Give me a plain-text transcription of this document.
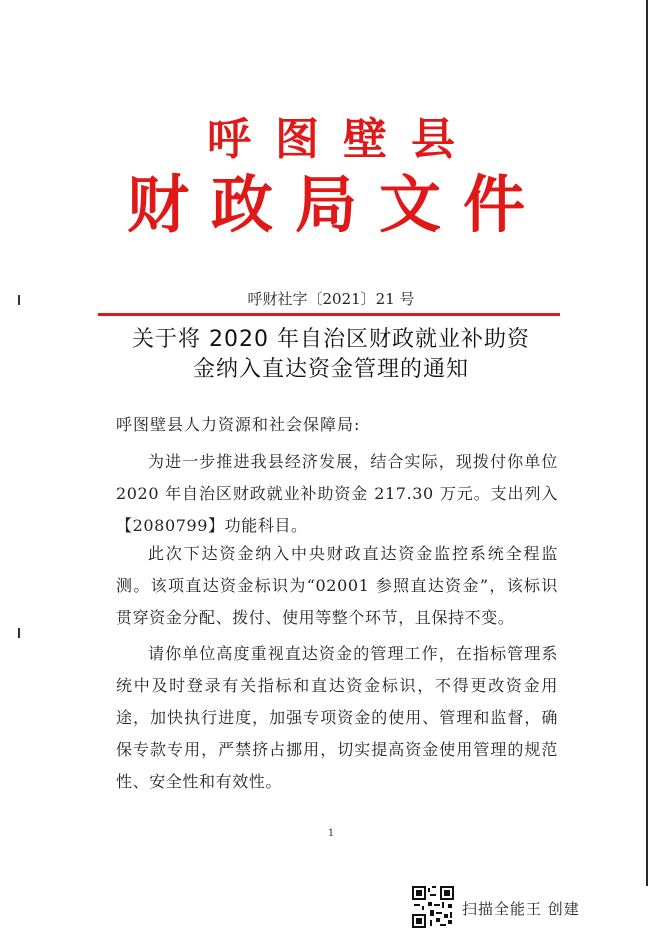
呼图壁县
财政局文件
呼财社字〔2021〕21 号
关于将 2020 年自治区财政就业补助资
金纳入直达资金管理的通知
呼图壁县人力资源和社会保障局:

为进一步推进我县经济发展，结合实际，现拨付你单位 2020 年自治区财政就业补助资金 217.30 万元。支出列入【2080799】功能科目。

此次下达资金纳入中央财政直达资金监控系统全程监测。该项直达资金标识为“02001 参照直达资金”，该标识贯穿资金分配、拨付、使用等整个环节，且保持不变。

请你单位高度重视直达资金的管理工作，在指标管理系统中及时登录有关指标和直达资金标识，不得更改资金用途，加快执行进度，加强专项资金的使用、管理和监督，确保专款专用，严禁挤占挪用，切实提高资金使用管理的规范性、安全性和有效性。

1
扫描全能王 创建
